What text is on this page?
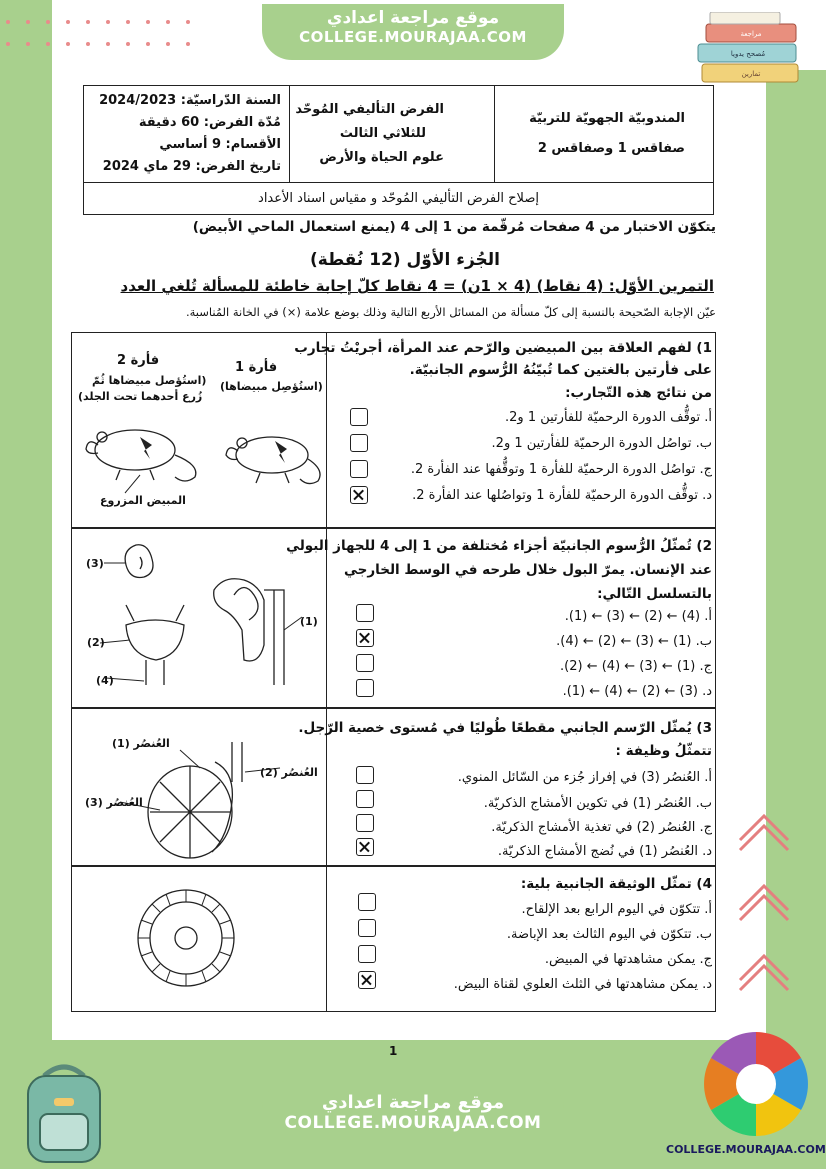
موقع مراجعة اعدادي
COLLEGE.MOURAJAA.COM	مراجعة
مُصحح يدويا
تمارين
السنة الدّراسيّة: 2024/2023
مُدّة الفرض: 60 دقيقة
الأقسام: 9 أساسي
تاريخ الفرض: 29 ماي 2024
الفرض التأليفي المُوحّد
للثلاثي الثالث
علوم الحياة والأرض
المندوبيّة الجهويّة للتربيّة
صفاقس 1 وصفاقس 2
إصلاح الفرض التأليفي المُوحّد و مقياس اسناد الأعداد
يتكوّن الاختبار من 4 صفحات مُرقّمة من 1 إلى 4 (يمنع استعمال الماحي الأبيض)
الجُزء الأوّل (12 نُقطة)
التمرين الأوّل: (4 نقاط) (4 × 1ن) = 4 نقاط كلّ إجابة خاطئة للمسألة تُلغي العدد
عيّن الإجابة الصّحيحة بالنسبة إلى كلّ مسألة من المسائل الأربع التالية وذلك بوضع علامة (×) في الخانة المُناسبة.
1) لفهم العلاقة بين المبيضين والرّحم عند المرأة، أجريْتُ تجارب
على فأرتين بالغتين كما تُبيّنُهُ الرُّسوم الجانبيّة.
من نتائج هذه التّجارب:
أ. توقُّف الدورة الرحميّة للفأرتين 1 و2.
ب. تواصُل الدورة الرحميّة للفأرتين 1 و2.
ج. تواصُل الدورة الرحميّة للفأرة 1 وتوقُّفها عند الفأرة 2.
د. توقُّف الدورة الرحميّة للفأرة 1 وتواصُلها عند الفأرة 2.
فأرة 1
(استُؤصِل مبيضاها)
فأرة 2
(استُؤصل مبيضاها ثُمّ
زُرع أحدهما تحت الجلد)
المبيض المزروع
2) تُمثّلُ الرُّسوم الجانبيّة أجزاء مُختلفة من 1 إلى 4 للجهاز البولي
عند الإنسان. يمرّ البول خلال طرحه في الوسط الخارجي
بالتسلسل التّالي:
أ. (4) ← (2) ← (3) ← (1).
ب. (1) ← (3) ← (2) ← (4).
ج. (1) ← (3) ← (4) ← (2).
د. (3) ← (2) ← (4) ← (1).
(3)
(2)
(4)
(1)
3) يُمثّل الرّسم الجانبي مقطعًا طُوليًا في مُستوى خصية الرّجل.
تتمثّلُ وظيفة :
أ. العُنصُر (3) في إفراز جُزء من السّائل المنوي.
ب. العُنصُر (1) في تكوين الأمشاج الذكريّة.
ج. العُنصُر (2) في تغذية الأمشاج الذكريّة.
د. العُنصُر (1) في نُضج الأمشاج الذكريّة.
العُنصُر (1)
العُنصُر (2)
العُنصُر (3)
4) تمثّل الوثيقة الجانبية بلية:
أ. تتكوّن في اليوم الرابع بعد الإلقاح.
ب. تتكوّن في اليوم الثالث بعد الإباضة.
ج. يمكن مشاهدتها في المبيض.
د. يمكن مشاهدتها في الثلث العلوي لقناة البيض.
1
موقع مراجعة اعدادي
COLLEGE.MOURAJAA.COM
COLLEGE.MOURAJAA.COM
